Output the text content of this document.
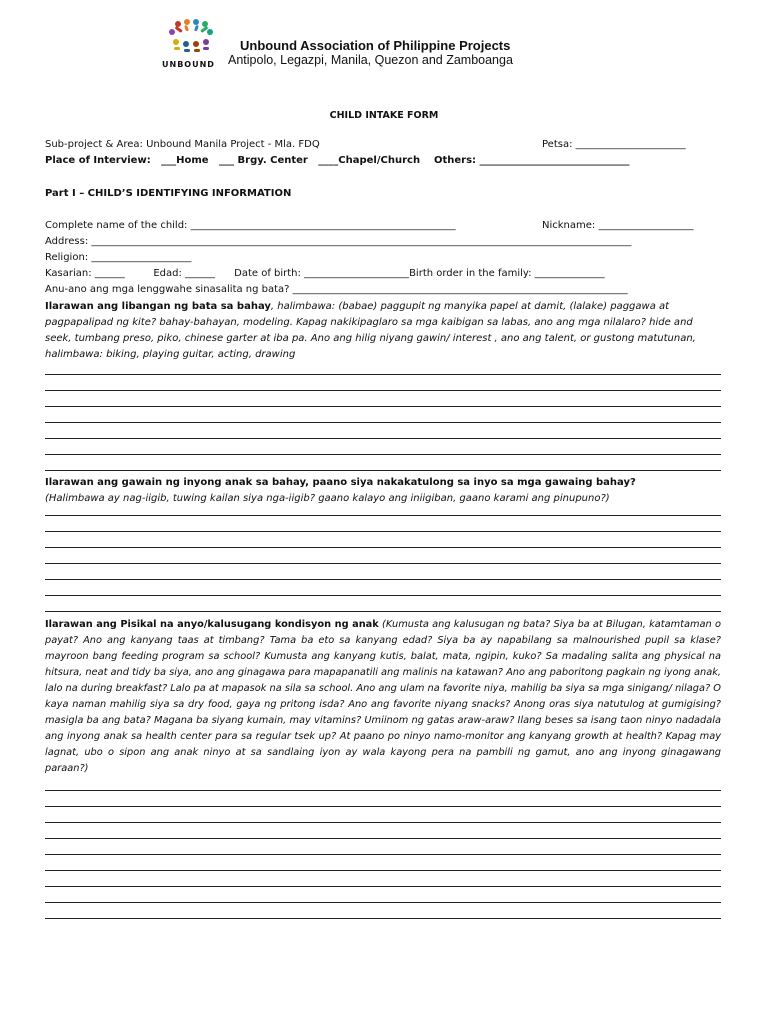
UNBOUND
Unbound Association of Philippine Projects
Antipolo, Legazpi, Manila, Quezon and Zamboanga
CHILD INTAKE FORM
Sub-project & Area: Unbound Manila Project - Mla. FDQ	Petsa: ______________________
Place of Interview:   ___Home   ___ Brgy. Center   ____Chapel/Church    Others: ______________________________
Part I – CHILD’S IDENTIFYING INFORMATION
Complete name of the child: _____________________________________________________	Nickname: ___________________
Address: ____________________________________________________________________________________________________________
Religion: ____________________
Kasarian: ______         Edad: ______      Date of birth: _____________________Birth order in the family: ______________
Anu-ano ang mga lenggwahe sinasalita ng bata? ___________________________________________________________________
Ilarawan ang libangan ng bata sa bahay, halimbawa: (babae) paggupit ng manyika papel at damit, (lalake) paggawa at pagpapalipad ng kite? bahay-bahayan, modeling. Kapag nakikipaglaro sa mga kaibigan sa labas, ano ang mga nilalaro? hide and seek, tumbang preso, piko, chinese garter at iba pa. Ano ang hilig niyang gawin/ interest , ano ang talent, or gustong matutunan, halimbawa: biking, playing guitar, acting, drawing
Ilarawan ang gawain ng inyong anak sa bahay, paano siya nakakatulong sa inyo sa mga gawaing bahay?
(Halimbawa ay nag-iigib, tuwing kailan siya nga-iigib? gaano kalayo ang iniigiban, gaano karami ang pinupuno?)
Ilarawan ang Pisikal na anyo/kalusugang kondisyon ng anak (Kumusta ang kalusugan ng bata? Siya ba at Bilugan, katamtaman o payat? Ano ang kanyang taas at timbang? Tama ba eto sa kanyang edad? Siya ba ay napabilang sa malnourished pupil sa klase? mayroon bang feeding program sa school? Kumusta ang kanyang kutis, balat, mata, ngipin, kuko? Sa madaling salita ang physical na hitsura, neat and tidy ba siya, ano ang ginagawa para mapapanatili ang malinis na katawan? Ano ang paboritong pagkain ng iyong anak, lalo na during breakfast? Lalo pa at mapasok na sila sa school. Ano ang ulam na favorite niya, mahilig ba siya sa mga sinigang/ nilaga? O kaya naman mahilig siya sa dry food, gaya ng pritong isda? Ano ang favorite niyang snacks? Anong oras siya natutulog at gumigising? masigla ba ang bata? Magana ba siyang kumain, may vitamins? Umiinom ng gatas araw-araw? Ilang beses sa isang taon ninyo nadadala ang inyong anak sa health center para sa regular tsek up? At paano po ninyo namo-monitor ang kanyang growth at health? Kapag may lagnat, ubo o sipon ang anak ninyo at sa sandlaing iyon ay wala kayong pera na pambili ng gamut, ano ang inyong ginagawang paraan?)
